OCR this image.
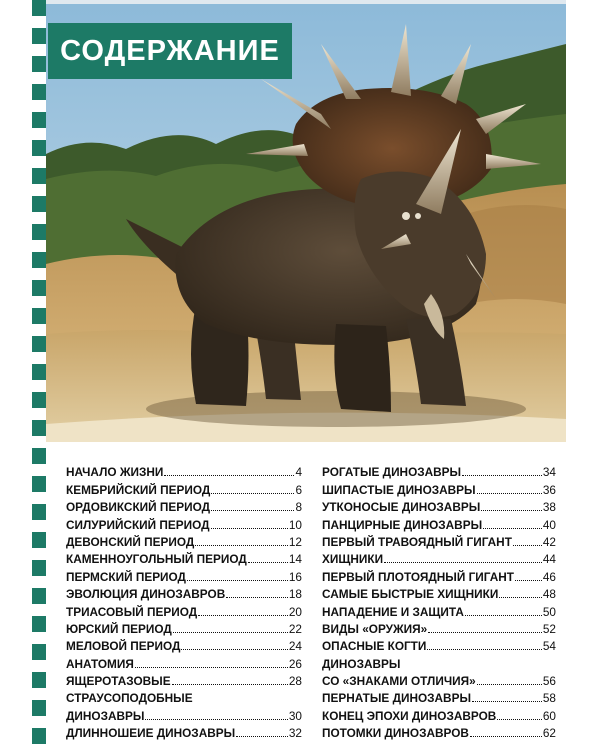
СОДЕРЖАНИЕ
НАЧАЛО ЖИЗНИ	4
КЕМБРИЙСКИЙ ПЕРИОД	6
ОРДОВИКСКИЙ ПЕРИОД	8
СИЛУРИЙСКИЙ ПЕРИОД	10
ДЕВОНСКИЙ ПЕРИОД	12
КАМЕННОУГОЛЬНЫЙ ПЕРИОД	14
ПЕРМСКИЙ ПЕРИОД	16
ЭВОЛЮЦИЯ ДИНОЗАВРОВ	18
ТРИАСОВЫЙ ПЕРИОД	20
ЮРСКИЙ ПЕРИОД	22
МЕЛОВОЙ ПЕРИОД	24
АНАТОМИЯ	26
ЯЩЕРОТАЗОВЫЕ	28
СТРАУСОПОДОБНЫЕ
ДИНОЗАВРЫ	30
ДЛИННОШЕИЕ ДИНОЗАВРЫ	32
РОГАТЫЕ ДИНОЗАВРЫ	34
ШИПАСТЫЕ ДИНОЗАВРЫ	36
УТКОНОСЫЕ ДИНОЗАВРЫ	38
ПАНЦИРНЫЕ ДИНОЗАВРЫ	40
ПЕРВЫЙ ТРАВОЯДНЫЙ ГИГАНТ	42
ХИЩНИКИ	44
ПЕРВЫЙ ПЛОТОЯДНЫЙ ГИГАНТ 46
САМЫЕ БЫСТРЫЕ ХИЩНИКИ	48
НАПАДЕНИЕ И ЗАЩИТА	50
ВИДЫ «ОРУЖИЯ»	52
ОПАСНЫЕ КОГТИ	54
ДИНОЗАВРЫ
СО «ЗНАКАМИ ОТЛИЧИЯ»	56
ПЕРНАТЫЕ ДИНОЗАВРЫ	58
КОНЕЦ ЭПОХИ ДИНОЗАВРОВ	60
ПОТОМКИ ДИНОЗАВРОВ	62
